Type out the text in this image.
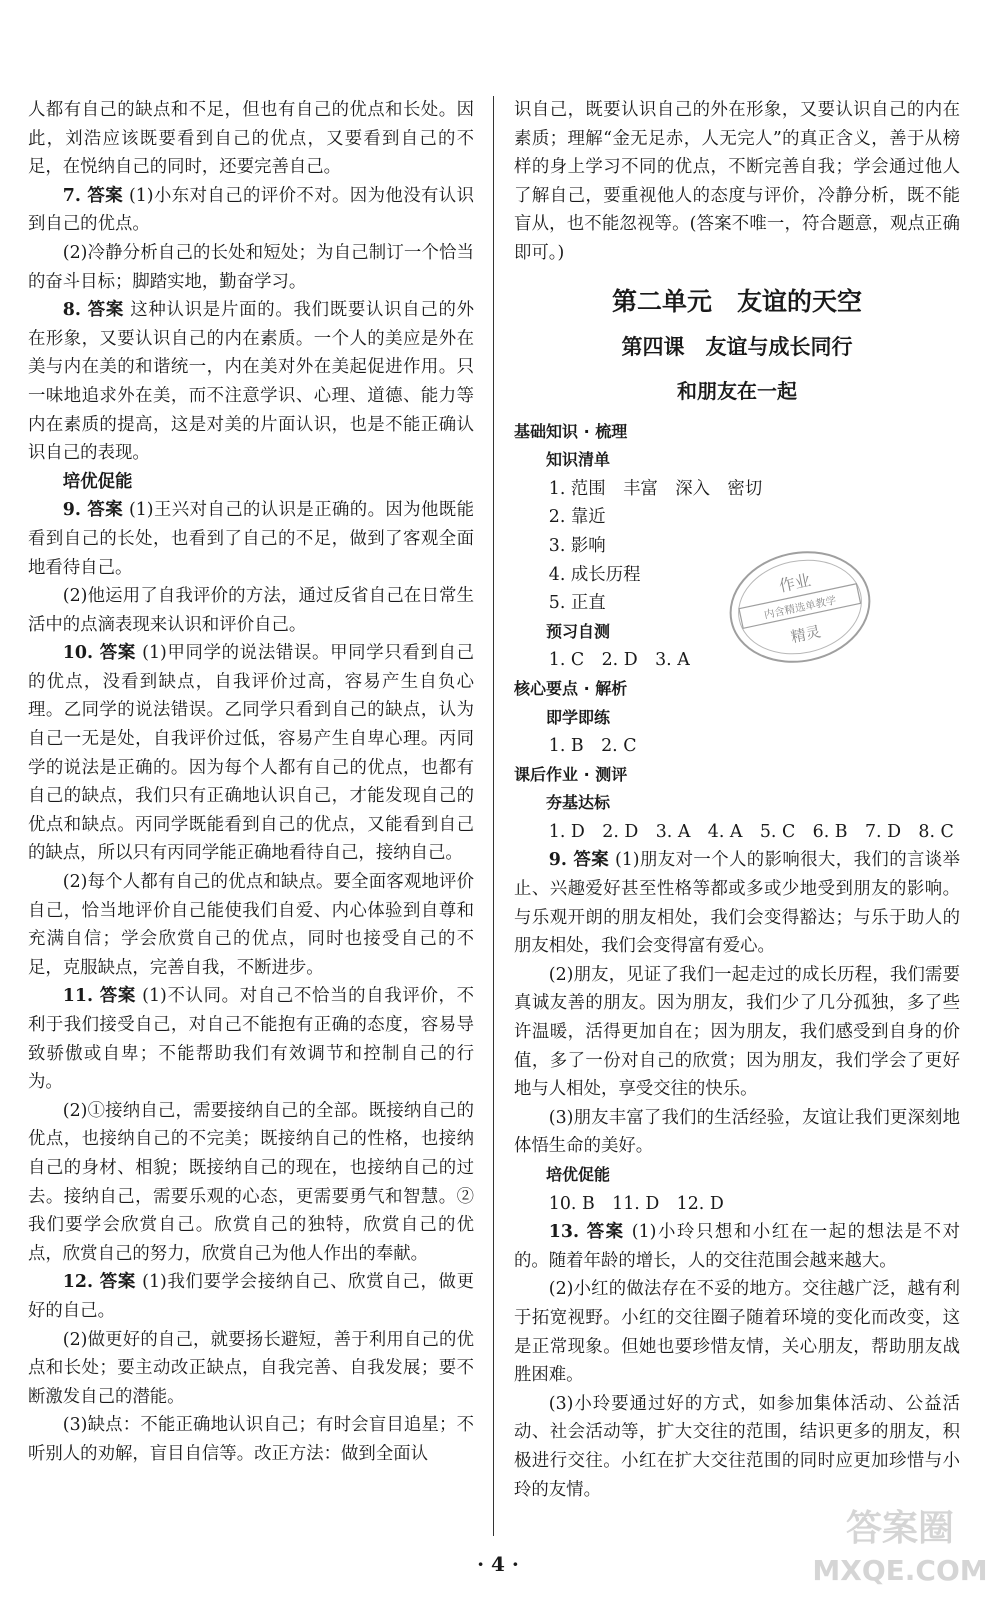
人都有自己的缺点和不足，但也有自己的优点和长处。因此，刘浩应该既要看到自己的优点，又要看到自己的不足，在悦纳自己的同时，还要完善自己。

7. 答案 (1)小东对自己的评价不对。因为他没有认识到自己的优点。

(2)冷静分析自己的长处和短处；为自己制订一个恰当的奋斗目标；脚踏实地，勤奋学习。

8. 答案 这种认识是片面的。我们既要认识自己的外在形象，又要认识自己的内在素质。一个人的美应是外在美与内在美的和谐统一，内在美对外在美起促进作用。只一味地追求外在美，而不注意学识、心理、道德、能力等内在素质的提高，这是对美的片面认识，也是不能正确认识自己的表现。

培优促能

9. 答案 (1)王兴对自己的认识是正确的。因为他既能看到自己的长处，也看到了自己的不足，做到了客观全面地看待自己。

(2)他运用了自我评价的方法，通过反省自己在日常生活中的点滴表现来认识和评价自己。

10. 答案 (1)甲同学的说法错误。甲同学只看到自己的优点，没看到缺点，自我评价过高，容易产生自负心理。乙同学的说法错误。乙同学只看到自己的缺点，认为自己一无是处，自我评价过低，容易产生自卑心理。丙同学的说法是正确的。因为每个人都有自己的优点，也都有自己的缺点，我们只有正确地认识自己，才能发现自己的优点和缺点。丙同学既能看到自己的优点，又能看到自己的缺点，所以只有丙同学能正确地看待自己，接纳自己。

(2)每个人都有自己的优点和缺点。要全面客观地评价自己，恰当地评价自己能使我们自爱、内心体验到自尊和充满自信；学会欣赏自己的优点，同时也接受自己的不足，克服缺点，完善自我，不断进步。

11. 答案 (1)不认同。对自己不恰当的自我评价，不利于我们接受自己，对自己不能抱有正确的态度，容易导致骄傲或自卑；不能帮助我们有效调节和控制自己的行为。

(2)①接纳自己，需要接纳自己的全部。既接纳自己的优点，也接纳自己的不完美；既接纳自己的性格，也接纳自己的身材、相貌；既接纳自己的现在，也接纳自己的过去。接纳自己，需要乐观的心态，更需要勇气和智慧。②我们要学会欣赏自己。欣赏自己的独特，欣赏自己的优点，欣赏自己的努力，欣赏自己为他人作出的奉献。

12. 答案 (1)我们要学会接纳自己、欣赏自己，做更好的自己。

(2)做更好的自己，就要扬长避短，善于利用自己的优点和长处；要主动改正缺点，自我完善、自我发展；要不断激发自己的潜能。

(3)缺点：不能正确地认识自己；有时会盲目追星；不听别人的劝解，盲目自信等。改正方法：做到全面认

识自己，既要认识自己的外在形象，又要认识自己的内在素质；理解“金无足赤，人无完人”的真正含义，善于从榜样的身上学习不同的优点，不断完善自我；学会通过他人了解自己，要重视他人的态度与评价，冷静分析，既不能盲从，也不能忽视等。(答案不唯一，符合题意，观点正确即可。)

第二单元　友谊的天空
第四课　友谊与成长同行
和朋友在一起

基础知识 · 梳理

知识清单

1. 范围　丰富　深入　密切

2. 靠近

3. 影响

4. 成长历程

5. 正直

预习自测

1. C　2. D　3. A

核心要点 · 解析

即学即练

1. B　2. C

课后作业 · 测评

夯基达标

1. D　2. D　3. A　4. A　5. C　6. B　7. D　8. C

9. 答案 (1)朋友对一个人的影响很大，我们的言谈举止、兴趣爱好甚至性格等都或多或少地受到朋友的影响。与乐观开朗的朋友相处，我们会变得豁达；与乐于助人的朋友相处，我们会变得富有爱心。

(2)朋友，见证了我们一起走过的成长历程，我们需要真诚友善的朋友。因为朋友，我们少了几分孤独，多了些许温暖，活得更加自在；因为朋友，我们感受到自身的价值，多了一份对自己的欣赏；因为朋友，我们学会了更好地与人相处，享受交往的快乐。

(3)朋友丰富了我们的生活经验，友谊让我们更深刻地体悟生命的美好。

培优促能

10. B　11. D　12. D

13. 答案 (1)小玲只想和小红在一起的想法是不对的。随着年龄的增长，人的交往范围会越来越大。

(2)小红的做法存在不妥的地方。交往越广泛，越有利于拓宽视野。小红的交往圈子随着环境的变化而改变，这是正常现象。但她也要珍惜友情，关心朋友，帮助朋友战胜困难。

(3)小玲要通过好的方式，如参加集体活动、公益活动、社会活动等，扩大交往的范围，结识更多的朋友，积极进行交往。小红在扩大交往范围的同时应更加珍惜与小玲的友情。

作业
内含精选单教学
精灵
· 4 ·
答案圈
MXQE.COM
